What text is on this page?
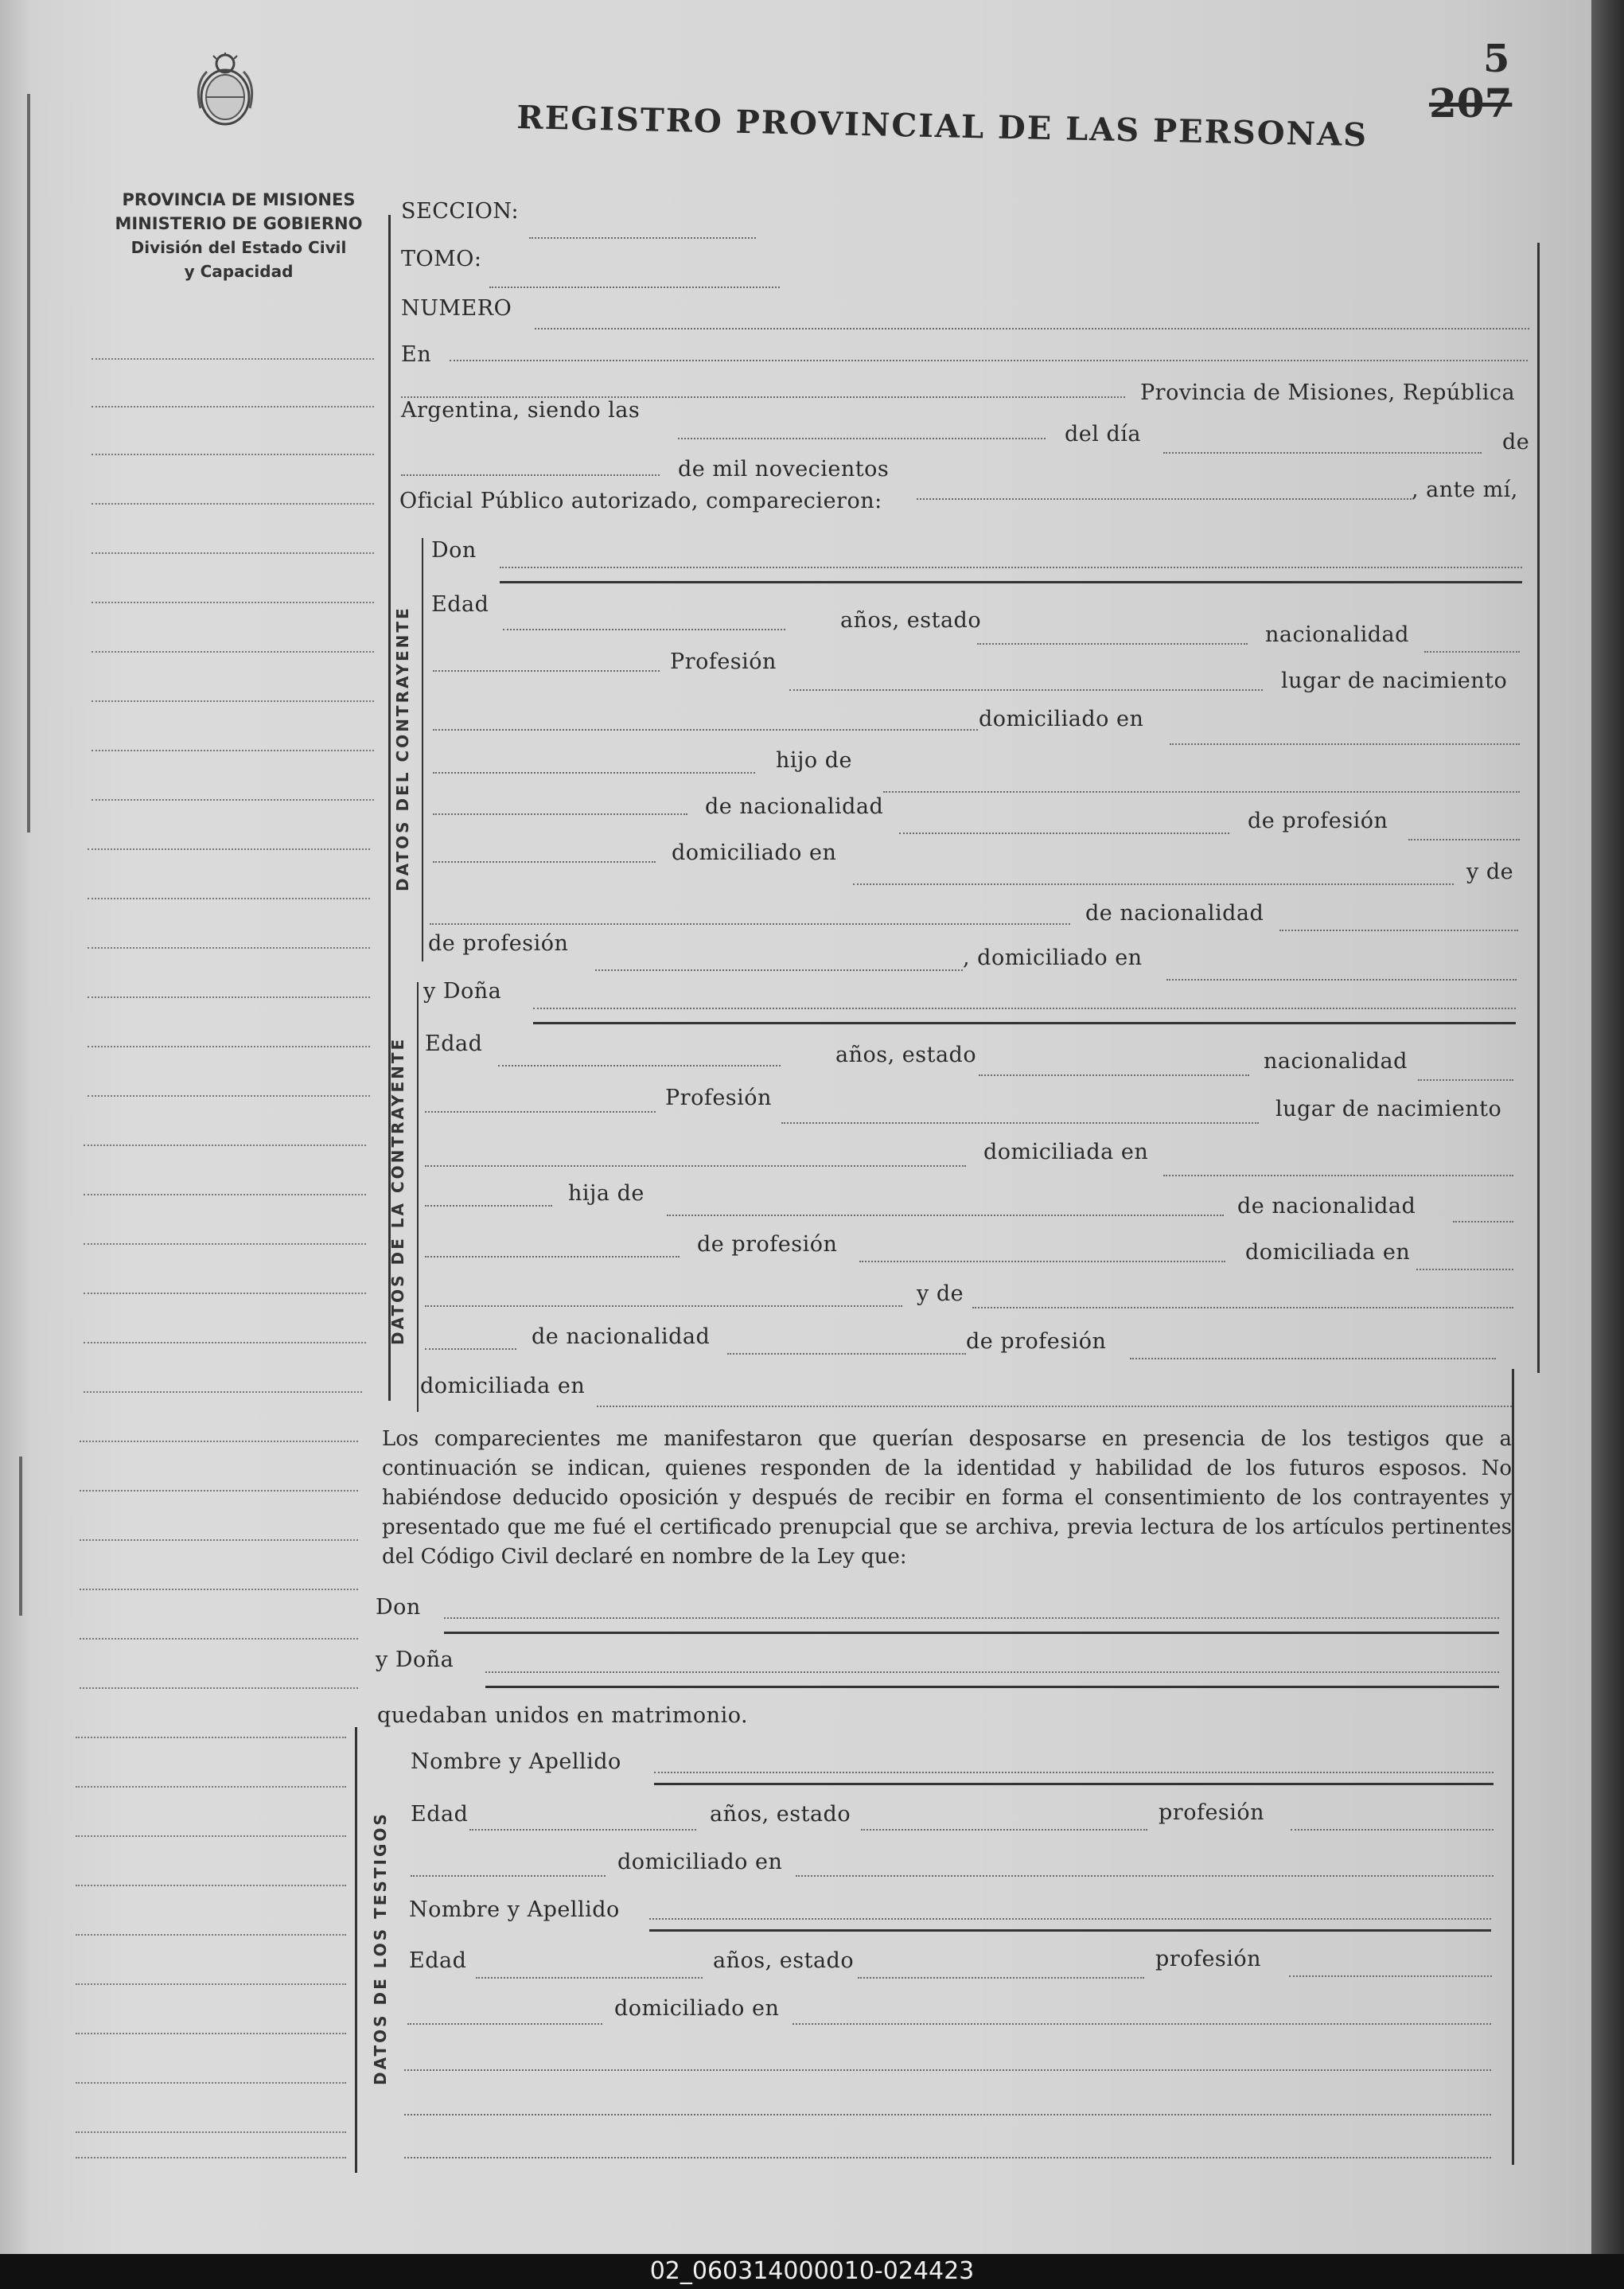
REGISTRO PROVINCIAL DE LAS PERSONAS
5
207
PROVINCIA DE MISIONES
MINISTERIO DE GOBIERNO
División del Estado Civil
y Capacidad
SECCION:
TOMO:
NUMERO
En
Provincia de Misiones, República
Argentina, siendo las
del día	de
de mil novecientos
, ante mí,
Oficial Público autorizado, comparecieron:
DATOS DEL CONTRAYENTE
Don
Edad
años, estado
nacionalidad
Profesión
lugar de nacimiento
domiciliado en
hijo de
de nacionalidad
de profesión
domiciliado en
y de
de nacionalidad
de profesión
, domiciliado en
DATOS DE LA CONTRAYENTE
y Doña
Edad	años, estado	nacionalidad
Profesión	lugar de nacimiento
domiciliada en
hija de
de nacionalidad
de profesión	domiciliada en
y de
de nacionalidad	de profesión
domiciliada en
Los comparecientes me manifestaron que querían desposarse en presencia de los testigos que a continuación se indican, quienes responden de la identidad y habilidad de los futuros esposos. No habiéndose deducido oposición y después de recibir en forma el consentimiento de los contrayentes y presentado que me fué el certificado prenupcial que se archiva, previa lectura de los artículos pertinentes del Código Civil declaré en nombre de la Ley que:
Don
y Doña
quedaban unidos en matrimonio.
DATOS DE LOS TESTIGOS
Nombre y Apellido
Edad	años, estado	profesión
domiciliado en
Nombre y Apellido
Edad	años, estado	profesión
domiciliado en
02_060314000010-024423
